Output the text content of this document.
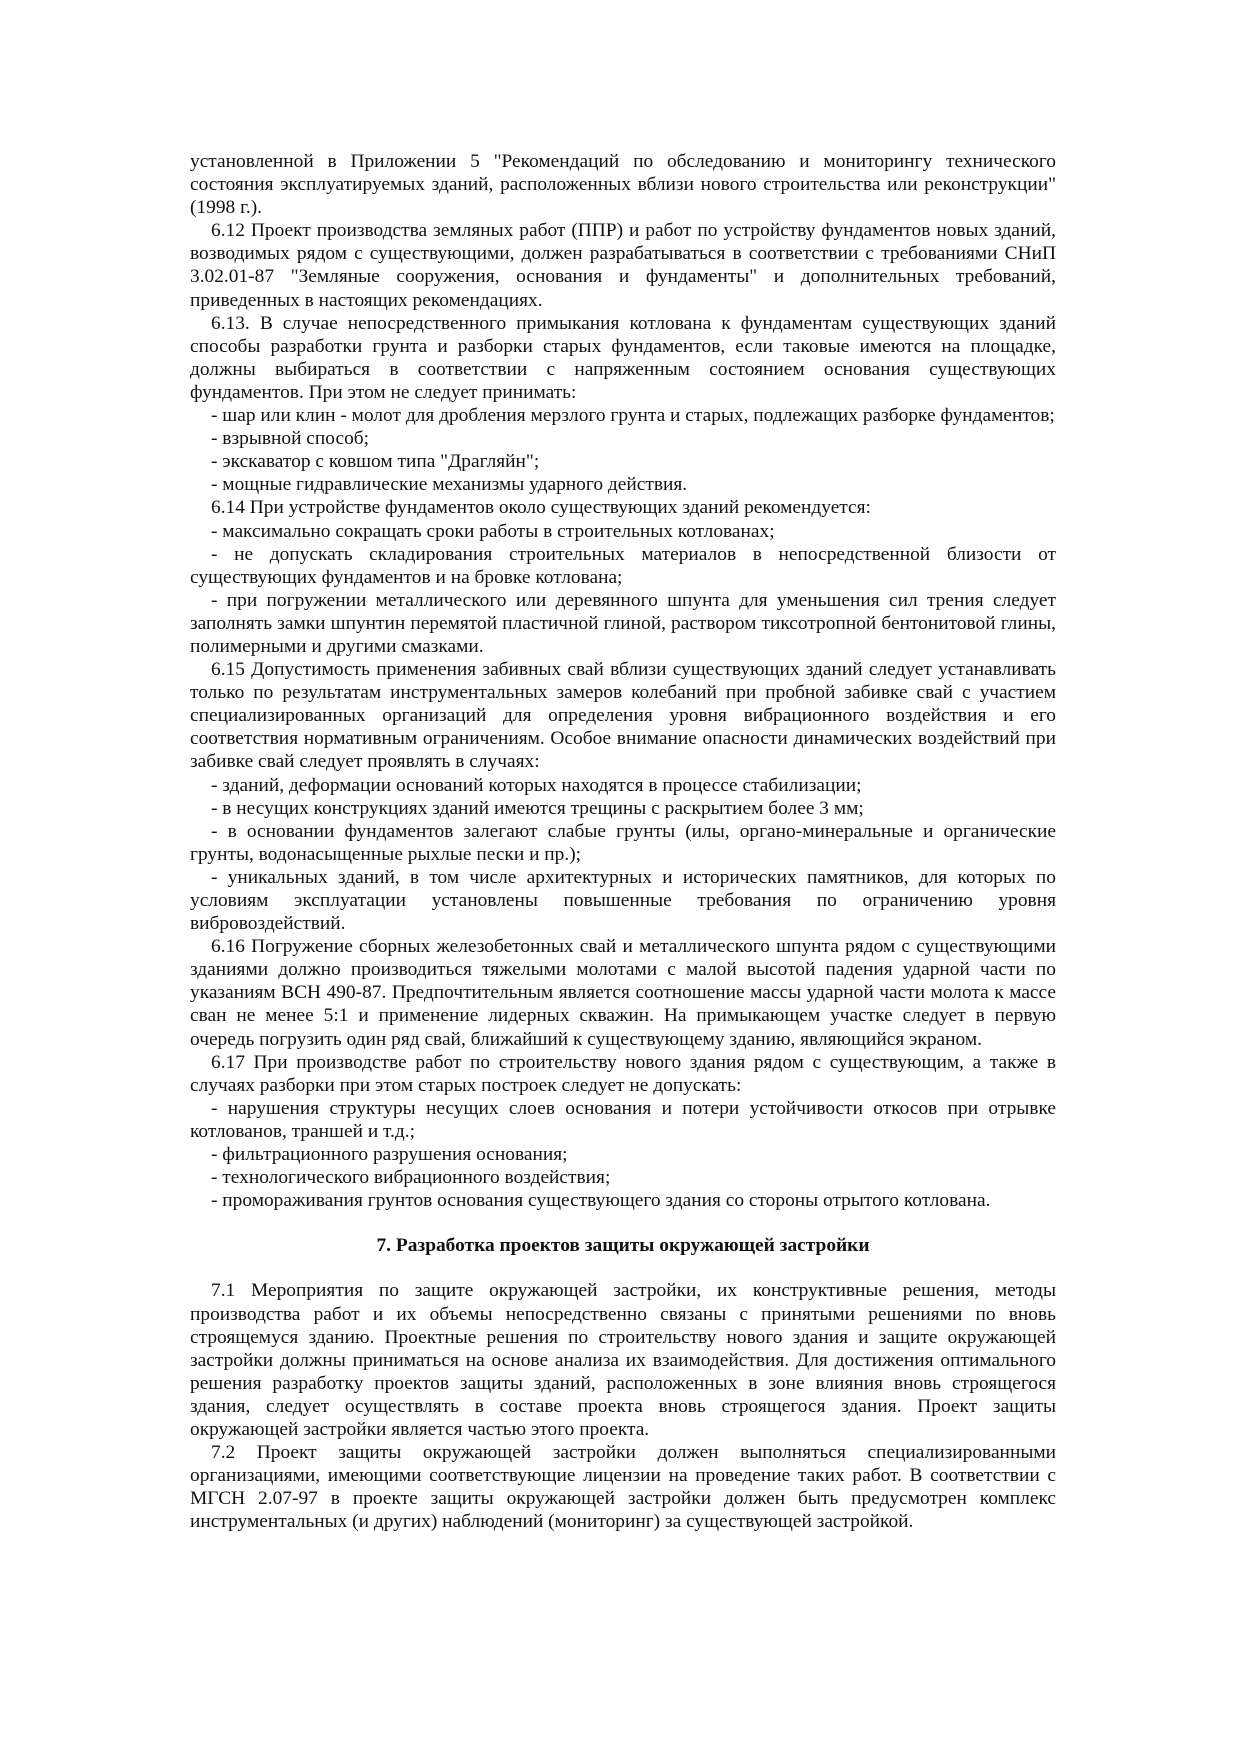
установленной в Приложении 5 "Рекомендаций по обследованию и мониторингу технического состояния эксплуатируемых зданий, расположенных вблизи нового строительства или реконструкции" (1998 г.).

6.12 Проект производства земляных работ (ППР) и работ по устройству фундаментов новых зданий, возводимых рядом с существующими, должен разрабатываться в соответствии с требованиями СНиП 3.02.01-87 "Земляные сооружения, основания и фундаменты" и дополнительных требований, приведенных в настоящих рекомендациях.

6.13. В случае непосредственного примыкания котлована к фундаментам существующих зданий способы разработки грунта и разборки старых фундаментов, если таковые имеются на площадке, должны выбираться в соответствии с напряженным состоянием основания существующих фундаментов. При этом не следует принимать:

- шар или клин - молот для дробления мерзлого грунта и старых, подлежащих разборке фундаментов;

- взрывной способ;

- экскаватор с ковшом типа "Драгляйн";

- мощные гидравлические механизмы ударного действия.

6.14 При устройстве фундаментов около существующих зданий рекомендуется:

- максимально сокращать сроки работы в строительных котлованах;

- не допускать складирования строительных материалов в непосредственной близости от существующих фундаментов и на бровке котлована;

- при погружении металлического или деревянного шпунта для уменьшения сил трения следует заполнять замки шпунтин перемятой пластичной глиной, раствором тиксотропной бентонитовой глины, полимерными и другими смазками.

6.15 Допустимость применения забивных свай вблизи существующих зданий следует устанавливать только по результатам инструментальных замеров колебаний при пробной забивке свай с участием специализированных организаций для определения уровня вибрационного воздействия и его соответствия нормативным ограничениям. Особое внимание опасности динамических воздействий при забивке свай следует проявлять в случаях:

- зданий, деформации оснований которых находятся в процессе стабилизации;

- в несущих конструкциях зданий имеются трещины с раскрытием более 3 мм;

- в основании фундаментов залегают слабые грунты (илы, органо-минеральные и органические грунты, водонасыщенные рыхлые пески и пр.);

- уникальных зданий, в том числе архитектурных и исторических памятников, для которых по условиям эксплуатации установлены повышенные требования по ограничению уровня вибровоздействий.

6.16 Погружение сборных железобетонных свай и металлического шпунта рядом с существующими зданиями должно производиться тяжелыми молотами с малой высотой падения ударной части по указаниям ВСН 490-87. Предпочтительным является соотношение массы ударной части молота к массе сван не менее 5:1 и применение лидерных скважин. На примыкающем участке следует в первую очередь погрузить один ряд свай, ближайший к существующему зданию, являющийся экраном.

6.17 При производстве работ по строительству нового здания рядом с существующим, а также в случаях разборки при этом старых построек следует не допускать:

- нарушения структуры несущих слоев основания и потери устойчивости откосов при отрывке котлованов, траншей и т.д.;

- фильтрационного разрушения основания;

- технологического вибрационного воздействия;

- промораживания грунтов основания существующего здания со стороны отрытого котлована.

7. Разработка проектов защиты окружающей застройки

7.1 Мероприятия по защите окружающей застройки, их конструктивные решения, методы производства работ и их объемы непосредственно связаны с принятыми решениями по вновь строящемуся зданию. Проектные решения по строительству нового здания и защите окружающей застройки должны приниматься на основе анализа их взаимодействия. Для достижения оптимального решения разработку проектов защиты зданий, расположенных в зоне влияния вновь строящегося здания, следует осуществлять в составе проекта вновь строящегося здания. Проект защиты окружающей застройки является частью этого проекта.

7.2 Проект защиты окружающей застройки должен выполняться специализированными организациями, имеющими соответствующие лицензии на проведение таких работ. В соответствии с МГСН 2.07-97 в проекте защиты окружающей застройки должен быть предусмотрен комплекс инструментальных (и других) наблюдений (мониторинг) за существующей застройкой.
